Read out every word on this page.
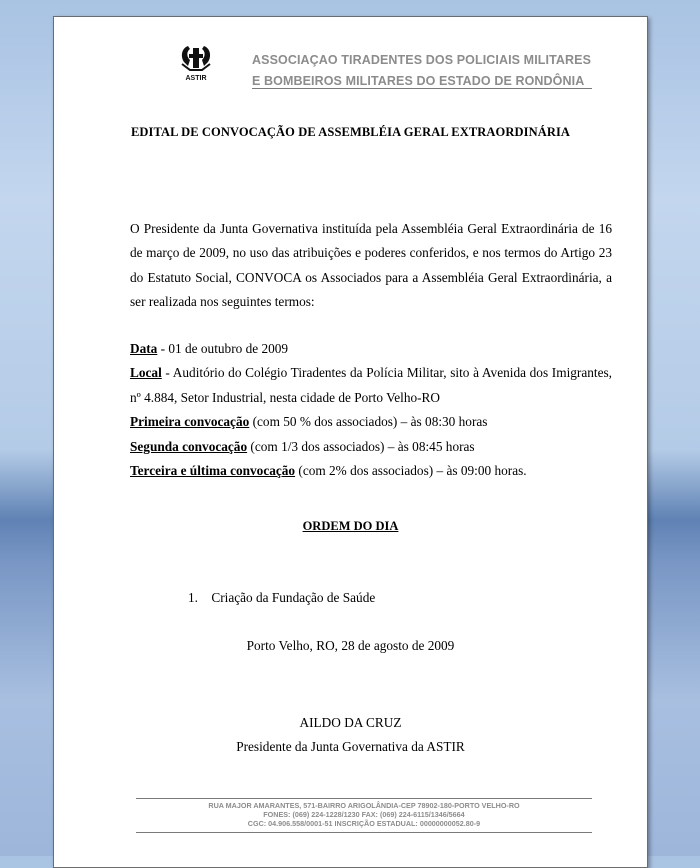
ASTIR
ASSOCIAÇAO TIRADENTES DOS POLICIAIS MILITARES
E BOMBEIROS MILITARES DO ESTADO DE RONDÔNIA
EDITAL DE CONVOCAÇÃO DE ASSEMBLÉIA GERAL EXTRAORDINÁRIA
O Presidente da Junta Governativa instituída pela Assembléia Geral Extraordinária de 16 de março de 2009, no uso das atribuições e poderes conferidos, e nos termos do Artigo 23 do Estatuto Social, CONVOCA os Associados para a Assembléia Geral Extraordinária, a ser realizada nos seguintes termos:

Data - 01 de outubro de 2009

Local - Auditório do Colégio Tiradentes da Polícia Militar, sito à Avenida dos Imigrantes, nº 4.884, Setor Industrial, nesta cidade de Porto Velho-RO

Primeira convocação (com 50 % dos associados) – às 08:30 horas

Segunda convocação (com 1/3 dos associados) – às 08:45 horas

Terceira e última convocação (com 2% dos associados) – às 09:00 horas.

ORDEM DO DIA
1. Criação da Fundação de Saúde
Porto Velho, RO, 28 de agosto de 2009
AILDO DA CRUZ
Presidente da Junta Governativa da ASTIR
RUA MAJOR AMARANTES, 571-BAIRRO ARIGOLÂNDIA-CEP 78902-180-PORTO VELHO-RO
FONES: (069) 224-1228/1230 FAX: (069) 224-6115/1346/5664
CGC: 04.906.558/0001-51 INSCRIÇÃO ESTADUAL: 00000000052.80-9
